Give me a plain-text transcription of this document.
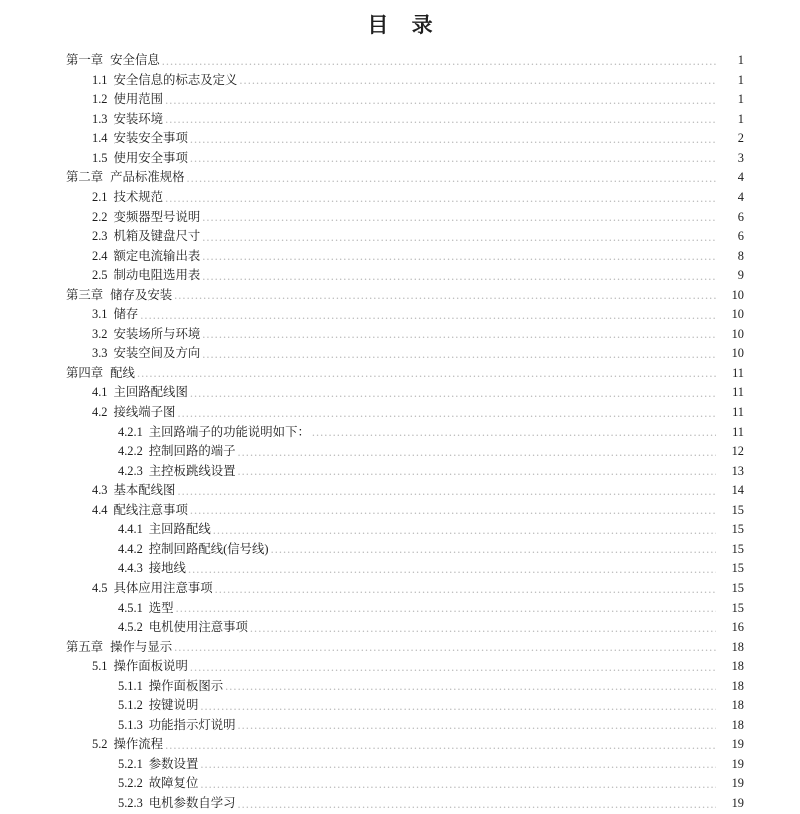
目 录
第一章 安全信息 .....	1
1.1 安全信息的标志及定义 .....	1
1.2 使用范围 .....	1
1.3 安装环境 .....	1
1.4 安装安全事项 .....	2
1.5 使用安全事项 .....	3
第二章 产品标准规格 .....	4
2.1 技术规范 .....	4
2.2 变频器型号说明 .....	6
2.3 机箱及键盘尺寸 .....	6
2.4 额定电流输出表 .....	8
2.5 制动电阻选用表 .....	9
第三章 储存及安装 .....	10
3.1 储存 .....	10
3.2 安装场所与环境 .....	10
3.3 安装空间及方向 .....	10
第四章 配线 .....	11
4.1 主回路配线图 .....	11
4.2 接线端子图 .....	11
4.2.1 主回路端子的功能说明如下： .....	11
4.2.2 控制回路的端子 .....	12
4.2.3 主控板跳线设置 .....	13
4.3 基本配线图 .....	14
4.4 配线注意事项 .....	15
4.4.1 主回路配线 .....	15
4.4.2 控制回路配线(信号线) .....	15
4.4.3 接地线 .....	15
4.5 具体应用注意事项 .....	15
4.5.1 选型 .....	15
4.5.2 电机使用注意事项 .....	16
第五章 操作与显示 .....	18
5.1 操作面板说明 .....	18
5.1.1 操作面板图示 .....	18
5.1.2 按键说明 .....	18
5.1.3 功能指示灯说明 .....	18
5.2 操作流程 .....	19
5.2.1 参数设置 .....	19
5.2.2 故障复位 .....	19
5.2.3 电机参数自学习 .....	19
